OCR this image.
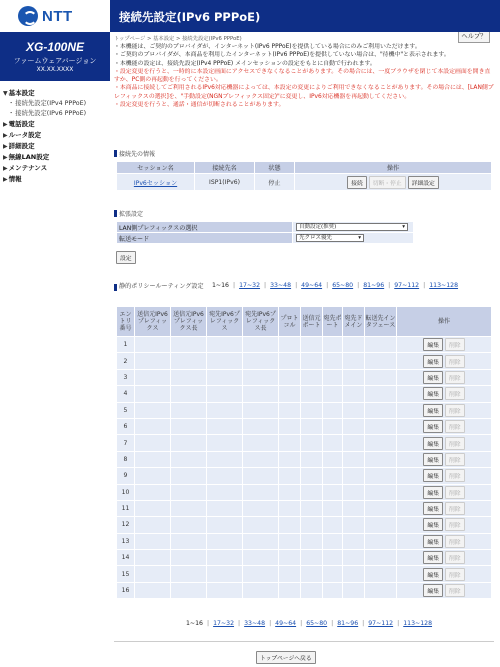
NTT
XG-100NE
ファームウェアバージョン
XX.XX.XXXX
▼ 基本設定
・接続先設定(IPv4 PPPoE)
・接続先設定(IPv6 PPPoE)
▶ 電話設定
▶ ルータ設定
▶ 詳細設定
▶ 無線LAN設定
▶ メンテナンス
▶ 情報
接続先設定(IPv6 PPPoE)
ヘルプ？
トップページ > 基本設定 > 接続先設定(IPv6 PPPoE)
・本機能は、ご契約のプロバイダが、インターネット(IPv6 PPPoE)を提供している場合にのみご利用いただけます。
・ご契約のプロバイダが、本商品を利用したインターネット(IPv6 PPPoE)を提供していない場合は、"待機中"と表示されます。
・本機能の設定は、接続先設定(IPv4 PPPoE) メインセッションの設定をもとに自動で行われます。
・設定変更を行うと、一時的に本設定画面にアクセスできなくなることがあります。その場合には、一度ブラウザを閉じて本設定画面を開き直すか、PC側の再起動を行ってください。
・本商品に接続してご利用されるIPv6対応機器によっては、本設定の変更によりご利用できなくなることがあります。その場合には、[LAN側プレフィックスの選択]を、"手動設定(NGNプレフィックス固定)"に変更し、IPv6対応機器を再起動してください。
・設定変更を行うと、通話・通信が切断されることがあります。
接続先の情報
セッション名	接続先名	状態	操作
IPv6セッション	ISP1(IPv6)	停止	接続 切断・停止 詳細設定
拡張設定
LAN側プレフィックスの選択	自動設定(推奨) ▾

転送モード	光クロス優先 ▾
設定
静的ポリシールーティング設定 1~16 | 17~32 | 33~48 | 49~64 | 65~80 | 81~96 | 97~112 | 113~128
エントリ番号	送信元IPv6プレフィックス	送信元IPv6プレフィックス長	宛先IPv6プレフィックス	宛先IPv6プレフィックス長	プロトコル	送信元ポート	宛先ポート	宛先ドメイン	転送先インタフェース	操作
1										編集 削除
2										編集 削除
3										編集 削除
4										編集 削除
5										編集 削除
6										編集 削除
7										編集 削除
8										編集 削除
9										編集 削除
10										編集 削除
11										編集 削除
12										編集 削除
13										編集 削除
14										編集 削除
15										編集 削除
16										編集 削除
1~16 | 17~32 | 33~48 | 49~64 | 65~80 | 81~96 | 97~112 | 113~128
トップページへ戻る
